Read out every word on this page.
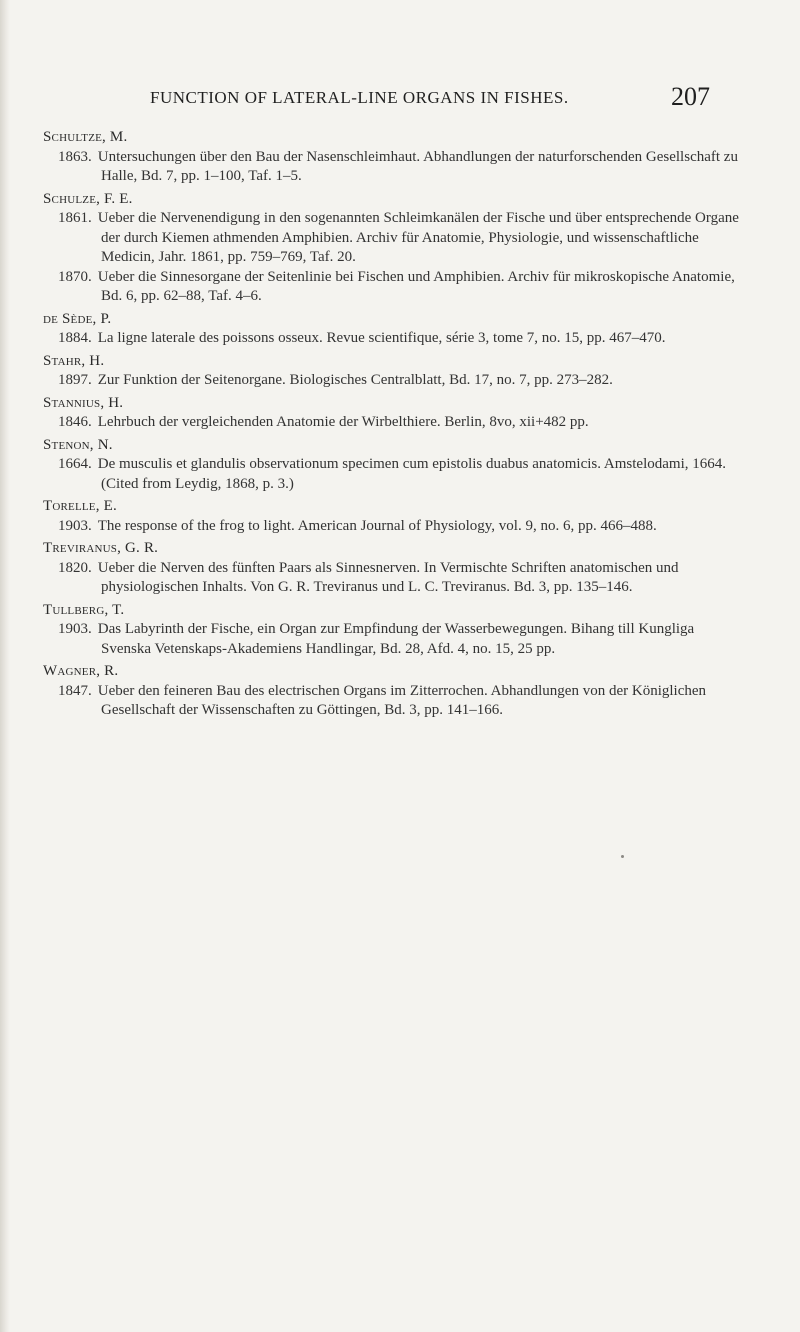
FUNCTION OF LATERAL-LINE ORGANS IN FISHES.	207
Schultze, M.
1863. Untersuchungen über den Bau der Nasenschleimhaut. Abhandlungen der naturforschenden Gesellschaft zu Halle, Bd. 7, pp. 1–100, Taf. 1–5.
Schulze, F. E.
1861. Ueber die Nervenendigung in den sogenannten Schleimkanälen der Fische und über entsprechende Organe der durch Kiemen athmenden Amphibien. Archiv für Anatomie, Physiologie, und wissenschaftliche Medicin, Jahr. 1861, pp. 759–769, Taf. 20.
1870. Ueber die Sinnesorgane der Seitenlinie bei Fischen und Amphibien. Archiv für mikroskopische Anatomie, Bd. 6, pp. 62–88, Taf. 4–6.
de Sède, P.
1884. La ligne laterale des poissons osseux. Revue scientifique, série 3, tome 7, no. 15, pp. 467–470.
Stahr, H.
1897. Zur Funktion der Seitenorgane. Biologisches Centralblatt, Bd. 17, no. 7, pp. 273–282.
Stannius, H.
1846. Lehrbuch der vergleichenden Anatomie der Wirbelthiere. Berlin, 8vo, xii+482 pp.
Stenon, N.
1664. De musculis et glandulis observationum specimen cum epistolis duabus anatomicis. Amstelodami, 1664. (Cited from Leydig, 1868, p. 3.)
Torelle, E.
1903. The response of the frog to light. American Journal of Physiology, vol. 9, no. 6, pp. 466–488.
Treviranus, G. R.
1820. Ueber die Nerven des fünften Paars als Sinnesnerven. In Vermischte Schriften anatomischen und physiologischen Inhalts. Von G. R. Treviranus und L. C. Treviranus. Bd. 3, pp. 135–146.
Tullberg, T.
1903. Das Labyrinth der Fische, ein Organ zur Empfindung der Wasserbewegungen. Bihang till Kungliga Svenska Vetenskaps-Akademiens Handlingar, Bd. 28, Afd. 4, no. 15, 25 pp.
Wagner, R.
1847. Ueber den feineren Bau des electrischen Organs im Zitterrochen. Abhandlungen von der Königlichen Gesellschaft der Wissenschaften zu Göttingen, Bd. 3, pp. 141–166.
